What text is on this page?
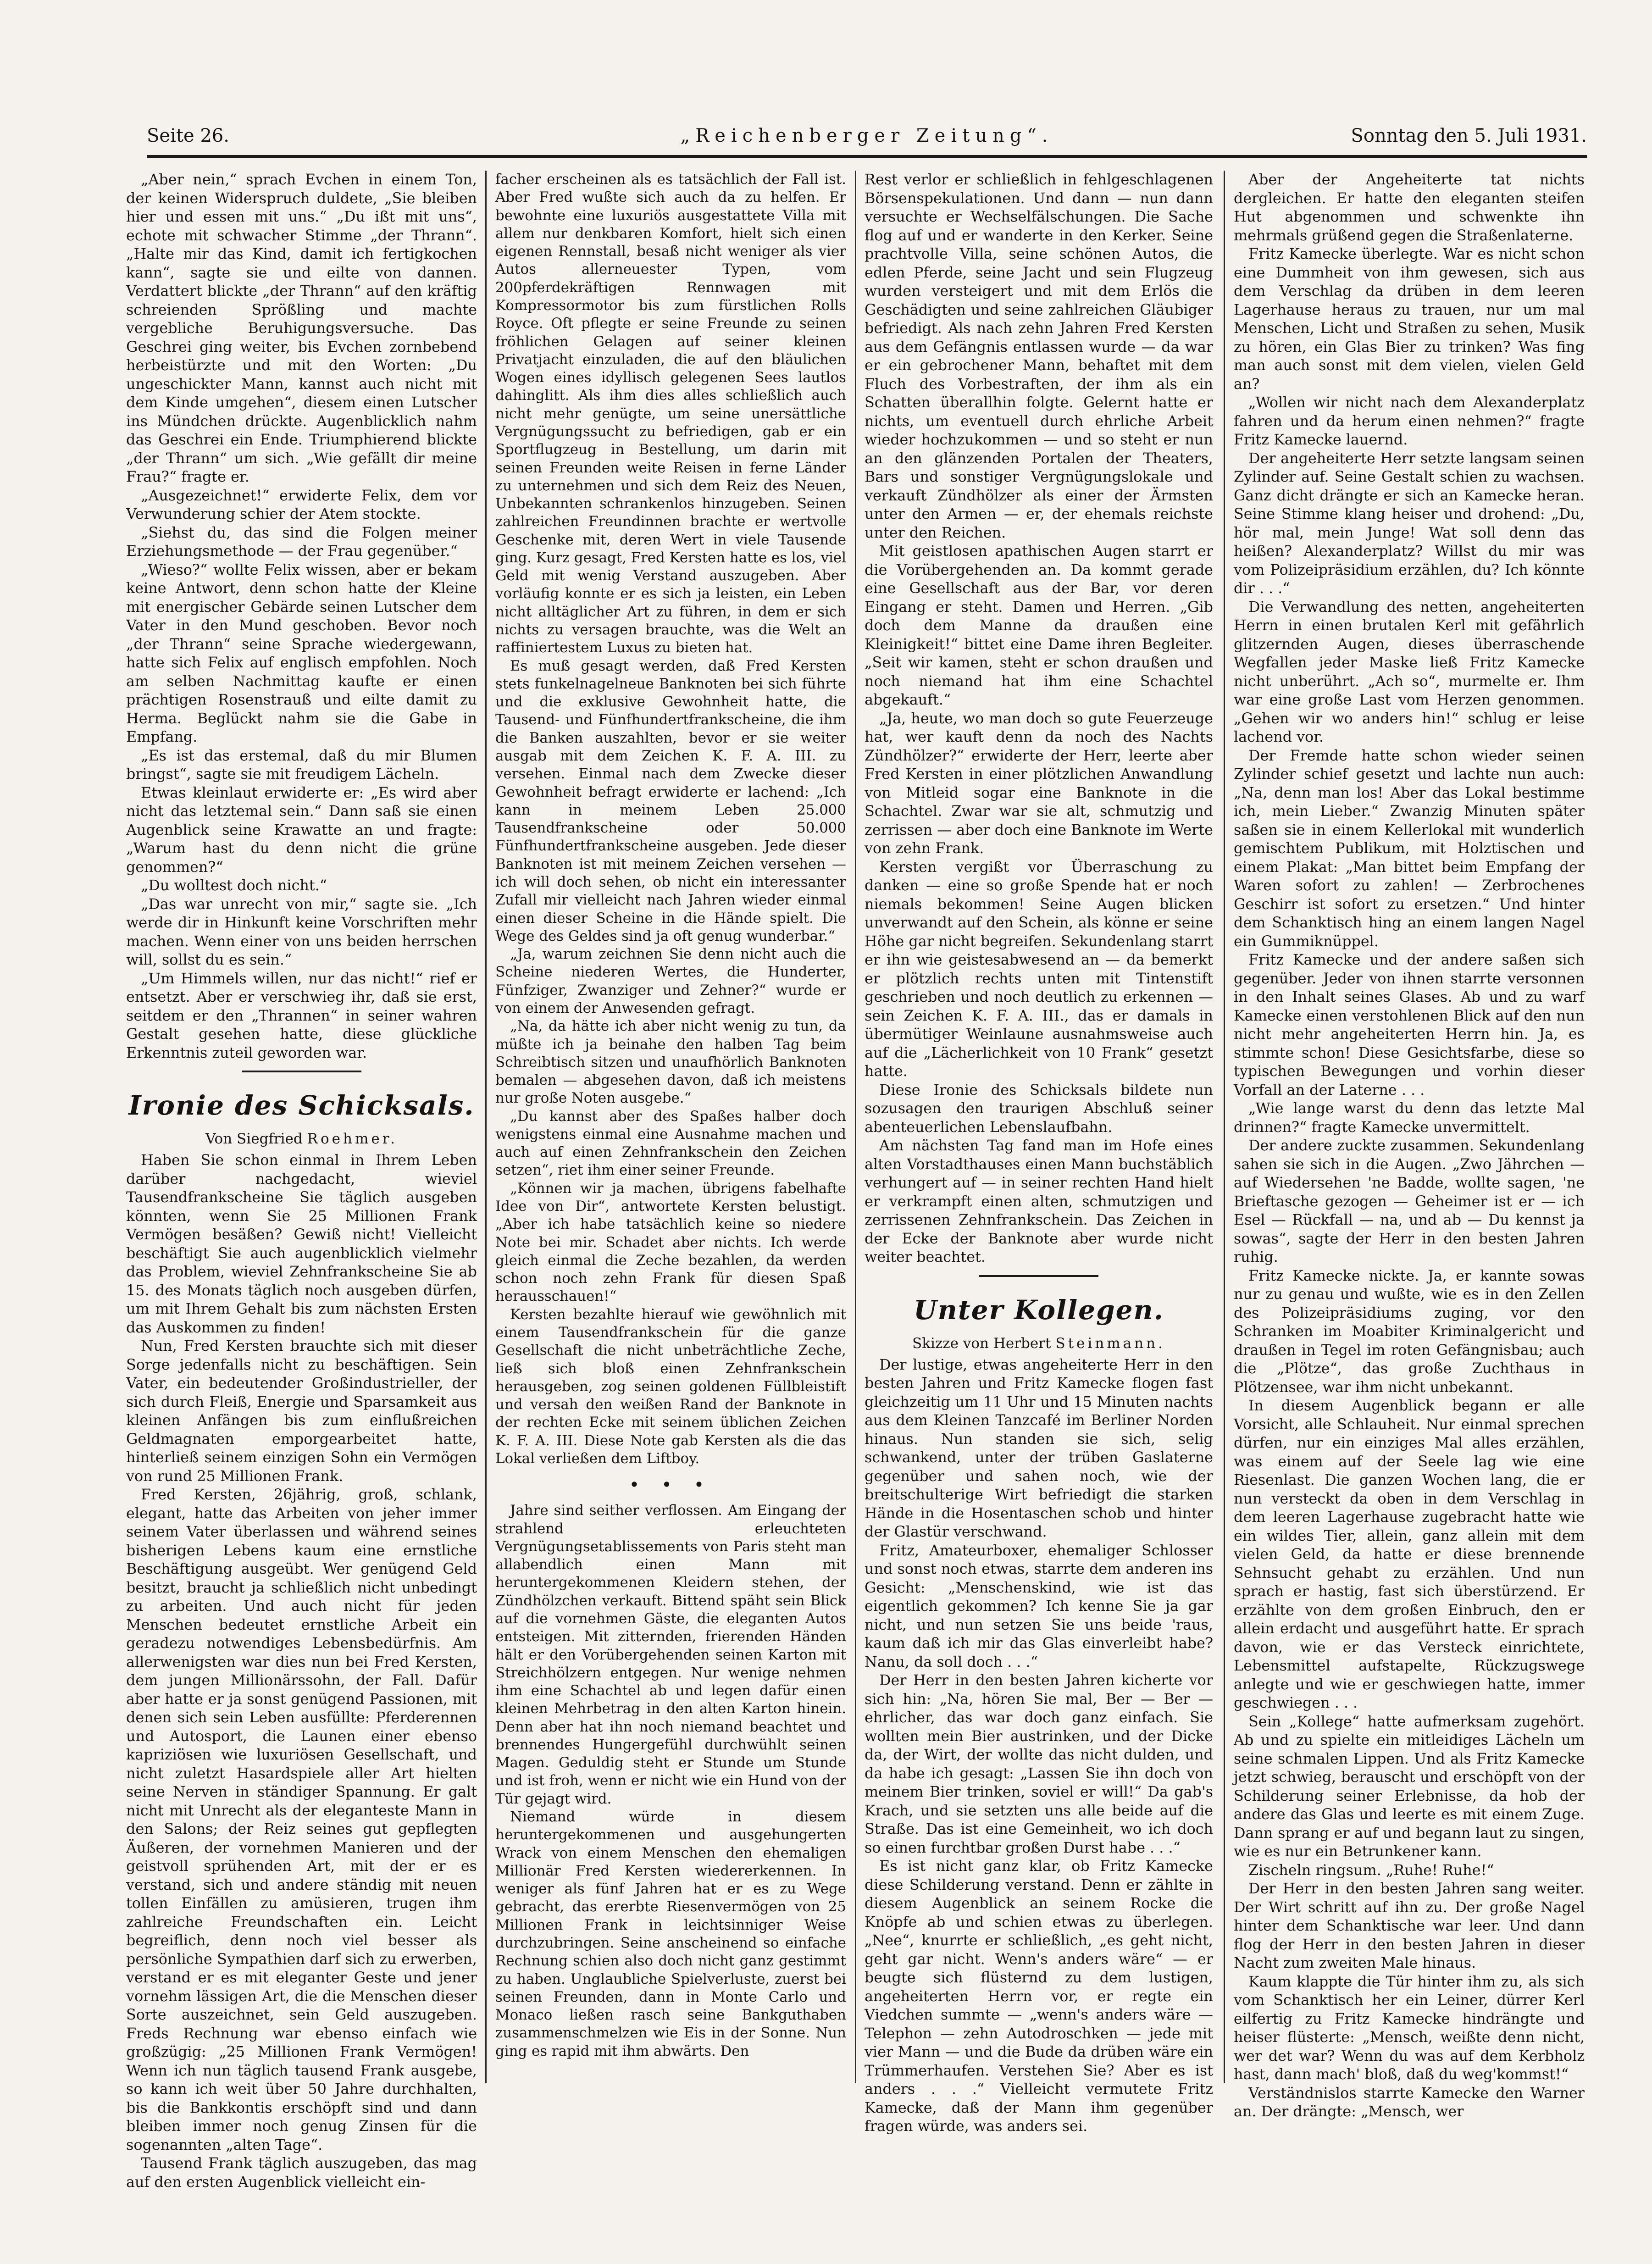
Seite 26.	„Reichenberger Zeitung“.	Sonntag den 5. Juli 1931.

„Aber nein,“ sprach Evchen in einem Ton, der keinen Widerspruch duldete, „Sie bleiben hier und essen mit uns.“ „Du ißt mit uns“, echote mit schwacher Stimme „der Thrann“. „Halte mir das Kind, damit ich fertigkochen kann“, sagte sie und eilte von dannen. Verdattert blickte „der Thrann“ auf den kräftig schreienden Sprößling und machte vergebliche Beruhigungsversuche. Das Geschrei ging weiter, bis Evchen zornbebend herbeistürzte und mit den Worten: „Du ungeschickter Mann, kannst auch nicht mit dem Kinde umgehen“, diesem einen Lutscher ins Mündchen drückte. Augenblicklich nahm das Geschrei ein Ende. Triumphierend blickte „der Thrann“ um sich. „Wie gefällt dir meine Frau?“ fragte er.

„Ausgezeichnet!“ erwiderte Felix, dem vor Verwunderung schier der Atem stockte.

„Siehst du, das sind die Folgen meiner Erziehungsmethode — der Frau gegenüber.“

„Wieso?“ wollte Felix wissen, aber er bekam keine Antwort, denn schon hatte der Kleine mit energischer Gebärde seinen Lutscher dem Vater in den Mund geschoben. Bevor noch „der Thrann“ seine Sprache wiedergewann, hatte sich Felix auf englisch empfohlen. Noch am selben Nachmittag kaufte er einen prächtigen Rosenstrauß und eilte damit zu Herma. Beglückt nahm sie die Gabe in Empfang.

„Es ist das erstemal, daß du mir Blumen bringst“, sagte sie mit freudigem Lächeln.

Etwas kleinlaut erwiderte er: „Es wird aber nicht das letztemal sein.“ Dann saß sie einen Augenblick seine Krawatte an und fragte: „Warum hast du denn nicht die grüne genommen?“

„Du wolltest doch nicht.“

„Das war unrecht von mir,“ sagte sie. „Ich werde dir in Hinkunft keine Vorschriften mehr machen. Wenn einer von uns beiden herrschen will, sollst du es sein.“

„Um Himmels willen, nur das nicht!“ rief er entsetzt. Aber er verschwieg ihr, daß sie erst, seitdem er den „Thrannen“ in seiner wahren Gestalt gesehen hatte, diese glückliche Erkenntnis zuteil geworden war.

Ironie des Schicksals.
Von Siegfried Roehmer.

Haben Sie schon einmal in Ihrem Leben darüber nachgedacht, wieviel Tausendfrankscheine Sie täglich ausgeben könnten, wenn Sie 25 Millionen Frank Vermögen besäßen? Gewiß nicht! Vielleicht beschäftigt Sie auch augenblicklich vielmehr das Problem, wieviel Zehnfrankscheine Sie ab 15. des Monats täglich noch ausgeben dürfen, um mit Ihrem Gehalt bis zum nächsten Ersten das Auskommen zu finden!

Nun, Fred Kersten brauchte sich mit dieser Sorge jedenfalls nicht zu beschäftigen. Sein Vater, ein bedeutender Großindustrieller, der sich durch Fleiß, Energie und Sparsamkeit aus kleinen Anfängen bis zum einflußreichen Geldmagnaten emporgearbeitet hatte, hinterließ seinem einzigen Sohn ein Vermögen von rund 25 Millionen Frank.

Fred Kersten, 26jährig, groß, schlank, elegant, hatte das Arbeiten von jeher immer seinem Vater überlassen und während seines bisherigen Lebens kaum eine ernstliche Beschäftigung ausgeübt. Wer genügend Geld besitzt, braucht ja schließlich nicht unbedingt zu arbeiten. Und auch nicht für jeden Menschen bedeutet ernstliche Arbeit ein geradezu notwendiges Lebensbedürfnis. Am allerwenigsten war dies nun bei Fred Kersten, dem jungen Millionärssohn, der Fall. Dafür aber hatte er ja sonst genügend Passionen, mit denen sich sein Leben ausfüllte: Pferderennen und Autosport, die Launen einer ebenso kapriziösen wie luxuriösen Gesellschaft, und nicht zuletzt Hasardspiele aller Art hielten seine Nerven in ständiger Spannung. Er galt nicht mit Unrecht als der eleganteste Mann in den Salons; der Reiz seines gut gepflegten Äußeren, der vornehmen Manieren und der geistvoll sprühenden Art, mit der er es verstand, sich und andere ständig mit neuen tollen Einfällen zu amüsieren, trugen ihm zahlreiche Freundschaften ein. Leicht begreiflich, denn noch viel besser als persönliche Sympathien darf sich zu erwerben, verstand er es mit eleganter Geste und jener vornehm lässigen Art, die die Menschen dieser Sorte auszeichnet, sein Geld auszugeben. Freds Rechnung war ebenso einfach wie großzügig: „25 Millionen Frank Vermögen! Wenn ich nun täglich tausend Frank ausgebe, so kann ich weit über 50 Jahre durchhalten, bis die Bankkontis erschöpft sind und dann bleiben immer noch genug Zinsen für die sogenannten „alten Tage“.

Tausend Frank täglich auszugeben, das mag auf den ersten Augenblick vielleicht ein-

facher erscheinen als es tatsächlich der Fall ist. Aber Fred wußte sich auch da zu helfen. Er bewohnte eine luxuriös ausgestattete Villa mit allem nur denkbaren Komfort, hielt sich einen eigenen Rennstall, besaß nicht weniger als vier Autos allerneuester Typen, vom 200pferdekräftigen Rennwagen mit Kompressormotor bis zum fürstlichen Rolls Royce. Oft pflegte er seine Freunde zu seinen fröhlichen Gelagen auf seiner kleinen Privatjacht einzuladen, die auf den bläulichen Wogen eines idyllisch gelegenen Sees lautlos dahinglitt. Als ihm dies alles schließlich auch nicht mehr genügte, um seine unersättliche Vergnügungssucht zu befriedigen, gab er ein Sportflugzeug in Bestellung, um darin mit seinen Freunden weite Reisen in ferne Länder zu unternehmen und sich dem Reiz des Neuen, Unbekannten schrankenlos hinzugeben. Seinen zahlreichen Freundinnen brachte er wertvolle Geschenke mit, deren Wert in viele Tausende ging. Kurz gesagt, Fred Kersten hatte es los, viel Geld mit wenig Verstand auszugeben. Aber vorläufig konnte er es sich ja leisten, ein Leben nicht alltäglicher Art zu führen, in dem er sich nichts zu versagen brauchte, was die Welt an raffiniertestem Luxus zu bieten hat.

Es muß gesagt werden, daß Fred Kersten stets funkelnagelneue Banknoten bei sich führte und die exklusive Gewohnheit hatte, die Tausend- und Fünfhundertfrankscheine, die ihm die Banken auszahlten, bevor er sie weiter ausgab mit dem Zeichen K. F. A. III. zu versehen. Einmal nach dem Zwecke dieser Gewohnheit befragt erwiderte er lachend: „Ich kann in meinem Leben 25.000 Tausendfrankscheine oder 50.000 Fünfhundertfrankscheine ausgeben. Jede dieser Banknoten ist mit meinem Zeichen versehen — ich will doch sehen, ob nicht ein interessanter Zufall mir vielleicht nach Jahren wieder einmal einen dieser Scheine in die Hände spielt. Die Wege des Geldes sind ja oft genug wunderbar.“

„Ja, warum zeichnen Sie denn nicht auch die Scheine niederen Wertes, die Hunderter, Fünfziger, Zwanziger und Zehner?“ wurde er von einem der Anwesenden gefragt.

„Na, da hätte ich aber nicht wenig zu tun, da müßte ich ja beinahe den halben Tag beim Schreibtisch sitzen und unaufhörlich Banknoten bemalen — abgesehen davon, daß ich meistens nur große Noten ausgebe.“

„Du kannst aber des Spaßes halber doch wenigstens einmal eine Ausnahme machen und auch auf einen Zehnfrankschein den Zeichen setzen“, riet ihm einer seiner Freunde.

„Können wir ja machen, übrigens fabelhafte Idee von Dir“, antwortete Kersten belustigt. „Aber ich habe tatsächlich keine so niedere Note bei mir. Schadet aber nichts. Ich werde gleich einmal die Zeche bezahlen, da werden schon noch zehn Frank für diesen Spaß herausschauen!“

Kersten bezahlte hierauf wie gewöhnlich mit einem Tausendfrankschein für die ganze Gesellschaft die nicht unbeträchtliche Zeche, ließ sich bloß einen Zehnfrankschein herausgeben, zog seinen goldenen Füllbleistift und versah den weißen Rand der Banknote in der rechten Ecke mit seinem üblichen Zeichen K. F. A. III. Diese Note gab Kersten als die das Lokal verließen dem Liftboy.

• • •

Jahre sind seither verflossen. Am Eingang der strahlend erleuchteten Vergnügungsetablissements von Paris steht man allabendlich einen Mann mit heruntergekommenen Kleidern stehen, der Zündhölzchen verkauft. Bittend späht sein Blick auf die vornehmen Gäste, die eleganten Autos entsteigen. Mit zitternden, frierenden Händen hält er den Vorübergehenden seinen Karton mit Streichhölzern entgegen. Nur wenige nehmen ihm eine Schachtel ab und legen dafür einen kleinen Mehrbetrag in den alten Karton hinein. Denn aber hat ihn noch niemand beachtet und brennendes Hungergefühl durchwühlt seinen Magen. Geduldig steht er Stunde um Stunde und ist froh, wenn er nicht wie ein Hund von der Tür gejagt wird.

Niemand würde in diesem heruntergekommenen und ausgehungerten Wrack von einem Menschen den ehemaligen Millionär Fred Kersten wiedererkennen. In weniger als fünf Jahren hat er es zu Wege gebracht, das ererbte Riesenvermögen von 25 Millionen Frank in leichtsinniger Weise durchzubringen. Seine anscheinend so einfache Rechnung schien also doch nicht ganz gestimmt zu haben. Unglaubliche Spielverluste, zuerst bei seinen Freunden, dann in Monte Carlo und Monaco ließen rasch seine Bankguthaben zusammenschmelzen wie Eis in der Sonne. Nun ging es rapid mit ihm abwärts. Den

Rest verlor er schließlich in fehlgeschlagenen Börsenspekulationen. Und dann — nun dann versuchte er Wechselfälschungen. Die Sache flog auf und er wanderte in den Kerker. Seine prachtvolle Villa, seine schönen Autos, die edlen Pferde, seine Jacht und sein Flugzeug wurden versteigert und mit dem Erlös die Geschädigten und seine zahlreichen Gläubiger befriedigt. Als nach zehn Jahren Fred Kersten aus dem Gefängnis entlassen wurde — da war er ein gebrochener Mann, behaftet mit dem Fluch des Vorbestraften, der ihm als ein Schatten überallhin folgte. Gelernt hatte er nichts, um eventuell durch ehrliche Arbeit wieder hochzukommen — und so steht er nun an den glänzenden Portalen der Theaters, Bars und sonstiger Vergnügungslokale und verkauft Zündhölzer als einer der Ärmsten unter den Armen — er, der ehemals reichste unter den Reichen.

Mit geistlosen apathischen Augen starrt er die Vorübergehenden an. Da kommt gerade eine Gesellschaft aus der Bar, vor deren Eingang er steht. Damen und Herren. „Gib doch dem Manne da draußen eine Kleinigkeit!“ bittet eine Dame ihren Begleiter. „Seit wir kamen, steht er schon draußen und noch niemand hat ihm eine Schachtel abgekauft.“

„Ja, heute, wo man doch so gute Feuerzeuge hat, wer kauft denn da noch des Nachts Zündhölzer?“ erwiderte der Herr, leerte aber Fred Kersten in einer plötzlichen Anwandlung von Mitleid sogar eine Banknote in die Schachtel. Zwar war sie alt, schmutzig und zerrissen — aber doch eine Banknote im Werte von zehn Frank.

Kersten vergißt vor Überraschung zu danken — eine so große Spende hat er noch niemals bekommen! Seine Augen blicken unverwandt auf den Schein, als könne er seine Höhe gar nicht begreifen. Sekundenlang starrt er ihn wie geistesabwesend an — da bemerkt er plötzlich rechts unten mit Tintenstift geschrieben und noch deutlich zu erkennen — sein Zeichen K. F. A. III., das er damals in übermütiger Weinlaune ausnahmsweise auch auf die „Lächerlichkeit von 10 Frank“ gesetzt hatte.

Diese Ironie des Schicksals bildete nun sozusagen den traurigen Abschluß seiner abenteuerlichen Lebenslaufbahn.

Am nächsten Tag fand man im Hofe eines alten Vorstadthauses einen Mann buchstäblich verhungert auf — in seiner rechten Hand hielt er verkrampft einen alten, schmutzigen und zerrissenen Zehnfrankschein. Das Zeichen in der Ecke der Banknote aber wurde nicht weiter beachtet.

Unter Kollegen.
Skizze von Herbert Steinmann.

Der lustige, etwas angeheiterte Herr in den besten Jahren und Fritz Kamecke flogen fast gleichzeitig um 11 Uhr und 15 Minuten nachts aus dem Kleinen Tanzcafé im Berliner Norden hinaus. Nun standen sie sich, selig schwankend, unter der trüben Gaslaterne gegenüber und sahen noch, wie der breitschulterige Wirt befriedigt die starken Hände in die Hosentaschen schob und hinter der Glastür verschwand.

Fritz, Amateurboxer, ehemaliger Schlosser und sonst noch etwas, starrte dem anderen ins Gesicht: „Menschenskind, wie ist das eigentlich gekommen? Ich kenne Sie ja gar nicht, und nun setzen Sie uns beide 'raus, kaum daß ich mir das Glas einverleibt habe? Nanu, da soll doch . . .“

Der Herr in den besten Jahren kicherte vor sich hin: „Na, hören Sie mal, Ber — Ber — ehrlicher, das war doch ganz einfach. Sie wollten mein Bier austrinken, und der Dicke da, der Wirt, der wollte das nicht dulden, und da habe ich gesagt: „Lassen Sie ihn doch von meinem Bier trinken, soviel er will!“ Da gab's Krach, und sie setzten uns alle beide auf die Straße. Das ist eine Gemeinheit, wo ich doch so einen furchtbar großen Durst habe . . .“

Es ist nicht ganz klar, ob Fritz Kamecke diese Schilderung verstand. Denn er zählte in diesem Augenblick an seinem Rocke die Knöpfe ab und schien etwas zu überlegen. „Nee“, knurrte er schließlich, „es geht nicht, geht gar nicht. Wenn's anders wäre“ — er beugte sich flüsternd zu dem lustigen, angeheiterten Herrn vor, er regte ein Viedchen summte — „wenn's anders wäre — Telephon — zehn Autodroschken — jede mit vier Mann — und die Bude da drüben wäre ein Trümmerhaufen. Verstehen Sie? Aber es ist anders . . .“ Vielleicht vermutete Fritz Kamecke, daß der Mann ihm gegenüber fragen würde, was anders sei.

Aber der Angeheiterte tat nichts dergleichen. Er hatte den eleganten steifen Hut abgenommen und schwenkte ihn mehrmals grüßend gegen die Straßenlaterne.

Fritz Kamecke überlegte. War es nicht schon eine Dummheit von ihm gewesen, sich aus dem Verschlag da drüben in dem leeren Lagerhause heraus zu trauen, nur um mal Menschen, Licht und Straßen zu sehen, Musik zu hören, ein Glas Bier zu trinken? Was fing man auch sonst mit dem vielen, vielen Geld an?

„Wollen wir nicht nach dem Alexanderplatz fahren und da herum einen nehmen?“ fragte Fritz Kamecke lauernd.

Der angeheiterte Herr setzte langsam seinen Zylinder auf. Seine Gestalt schien zu wachsen. Ganz dicht drängte er sich an Kamecke heran. Seine Stimme klang heiser und drohend: „Du, hör mal, mein Junge! Wat soll denn das heißen? Alexanderplatz? Willst du mir was vom Polizeipräsidium erzählen, du? Ich könnte dir . . .“

Die Verwandlung des netten, angeheiterten Herrn in einen brutalen Kerl mit gefährlich glitzernden Augen, dieses überraschende Wegfallen jeder Maske ließ Fritz Kamecke nicht unberührt. „Ach so“, murmelte er. Ihm war eine große Last vom Herzen genommen. „Gehen wir wo anders hin!“ schlug er leise lachend vor.

Der Fremde hatte schon wieder seinen Zylinder schief gesetzt und lachte nun auch: „Na, denn man los! Aber das Lokal bestimme ich, mein Lieber.“ Zwanzig Minuten später saßen sie in einem Kellerlokal mit wunderlich gemischtem Publikum, mit Holztischen und einem Plakat: „Man bittet beim Empfang der Waren sofort zu zahlen! — Zerbrochenes Geschirr ist sofort zu ersetzen.“ Und hinter dem Schanktisch hing an einem langen Nagel ein Gummiknüppel.

Fritz Kamecke und der andere saßen sich gegenüber. Jeder von ihnen starrte versonnen in den Inhalt seines Glases. Ab und zu warf Kamecke einen verstohlenen Blick auf den nun nicht mehr angeheiterten Herrn hin. Ja, es stimmte schon! Diese Gesichtsfarbe, diese so typischen Bewegungen und vorhin dieser Vorfall an der Laterne . . .

„Wie lange warst du denn das letzte Mal drinnen?“ fragte Kamecke unvermittelt.

Der andere zuckte zusammen. Sekundenlang sahen sie sich in die Augen. „Zwo Jährchen — auf Wiedersehen 'ne Badde, wollte sagen, 'ne Brieftasche gezogen — Geheimer ist er — ich Esel — Rückfall — na, und ab — Du kennst ja sowas“, sagte der Herr in den besten Jahren ruhig.

Fritz Kamecke nickte. Ja, er kannte sowas nur zu genau und wußte, wie es in den Zellen des Polizeipräsidiums zuging, vor den Schranken im Moabiter Kriminalgericht und draußen in Tegel im roten Gefängnisbau; auch die „Plötze“, das große Zuchthaus in Plötzensee, war ihm nicht unbekannt.

In diesem Augenblick begann er alle Vorsicht, alle Schlauheit. Nur einmal sprechen dürfen, nur ein einziges Mal alles erzählen, was einem auf der Seele lag wie eine Riesenlast. Die ganzen Wochen lang, die er nun versteckt da oben in dem Verschlag in dem leeren Lagerhause zugebracht hatte wie ein wildes Tier, allein, ganz allein mit dem vielen Geld, da hatte er diese brennende Sehnsucht gehabt zu erzählen. Und nun sprach er hastig, fast sich überstürzend. Er erzählte von dem großen Einbruch, den er allein erdacht und ausgeführt hatte. Er sprach davon, wie er das Versteck einrichtete, Lebensmittel aufstapelte, Rückzugswege anlegte und wie er geschwiegen hatte, immer geschwiegen . . .

Sein „Kollege“ hatte aufmerksam zugehört. Ab und zu spielte ein mitleidiges Lächeln um seine schmalen Lippen. Und als Fritz Kamecke jetzt schwieg, berauscht und erschöpft von der Schilderung seiner Erlebnisse, da hob der andere das Glas und leerte es mit einem Zuge. Dann sprang er auf und begann laut zu singen, wie es nur ein Betrunkener kann.

Zischeln ringsum. „Ruhe! Ruhe!“

Der Herr in den besten Jahren sang weiter. Der Wirt schritt auf ihn zu. Der große Nagel hinter dem Schanktische war leer. Und dann flog der Herr in den besten Jahren in dieser Nacht zum zweiten Male hinaus.

Kaum klappte die Tür hinter ihm zu, als sich vom Schanktisch her ein Leiner, dürrer Kerl eilfertig zu Fritz Kamecke hindrängte und heiser flüsterte: „Mensch, weißte denn nicht, wer det war? Wenn du was auf dem Kerbholz hast, dann mach' bloß, daß du weg'kommst!“

Verständnislos starrte Kamecke den Warner an. Der drängte: „Mensch, wer
